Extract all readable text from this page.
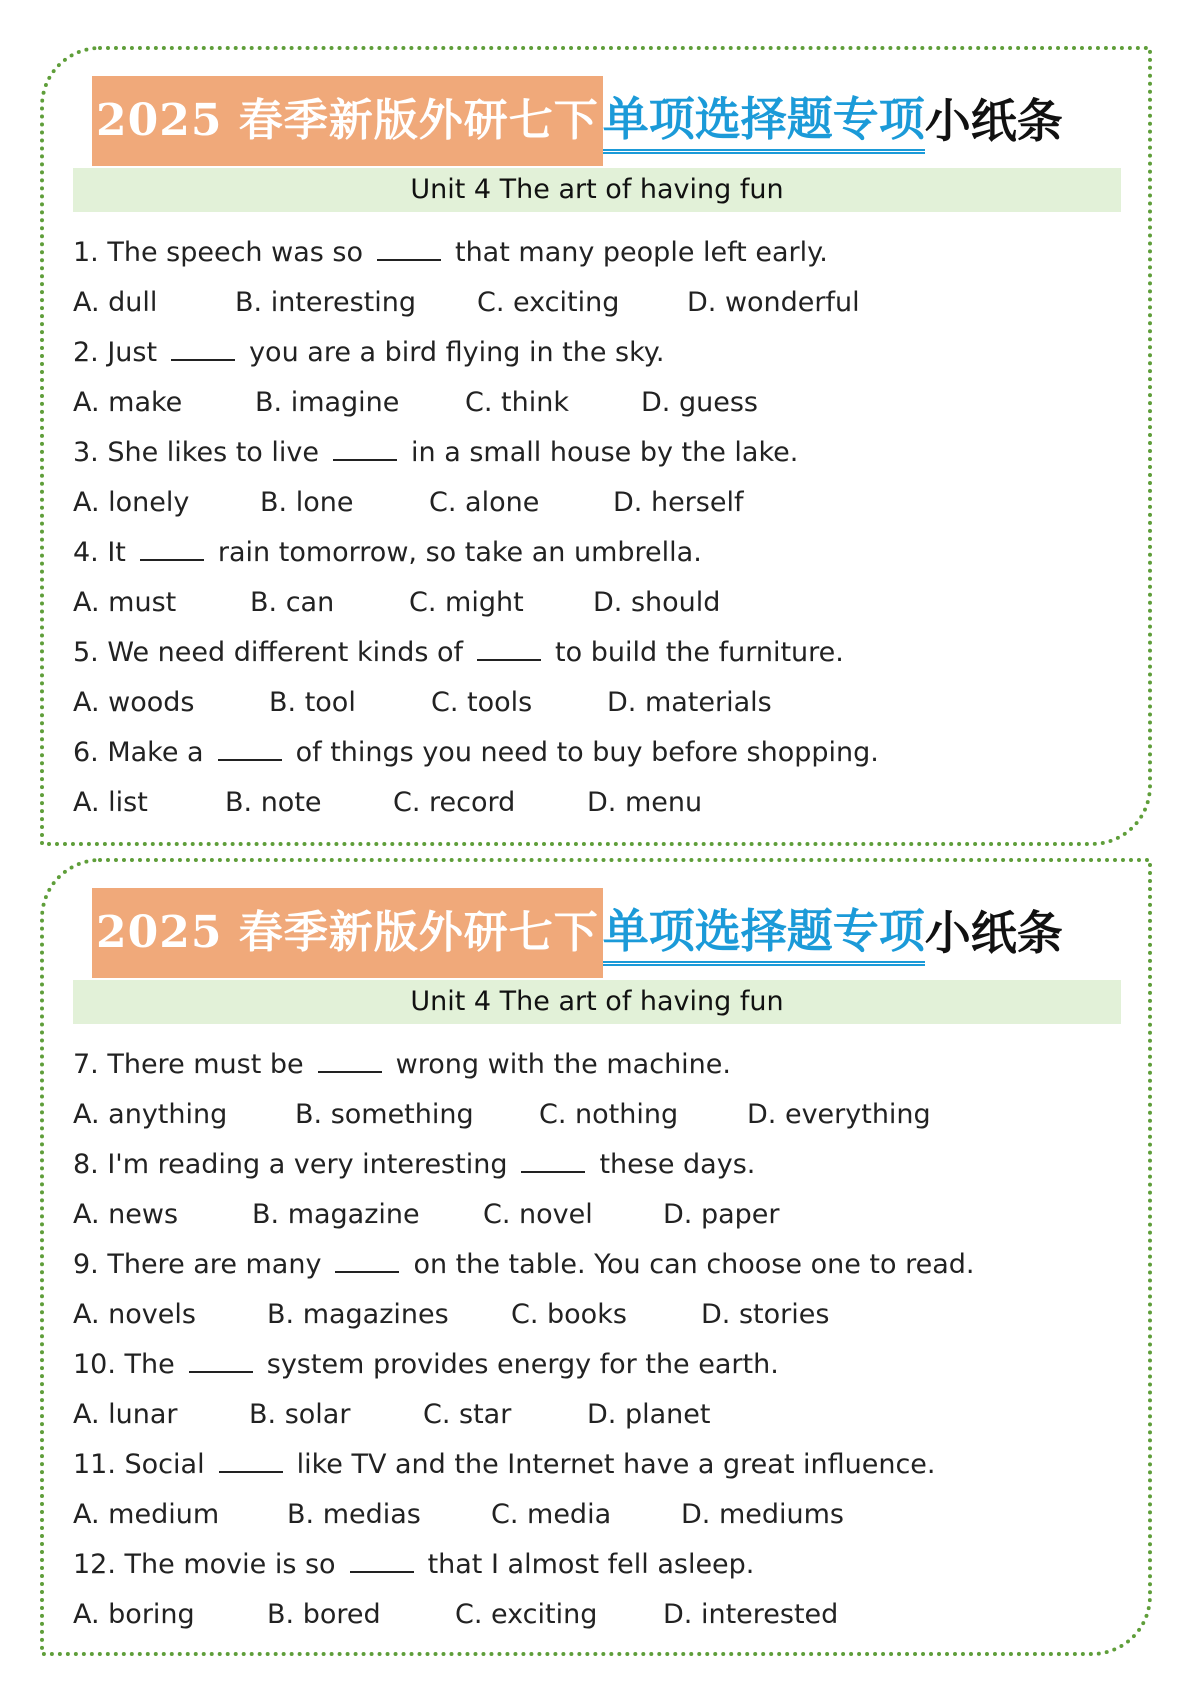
2025 春季新版外研七下 单项选择题专项 小纸条
Unit 4 The art of having fun
1. The speech was so	that many people left early.
A. dull	B. interesting C. exciting	D. wonderful
2. Just	you are a bird flying in the sky.
A. make	B. imagine C. think	D. guess
3. She likes to live	in a small house by the lake.
A. lonely	B. lone	C. alone	D. herself
4. It	rain tomorrow, so take an umbrella.
A. must	B. can	C. might	D. should
5. We need different kinds of	to build the furniture.
A. woods	B. tool	C. tools	D. materials
6. Make a	of things you need to buy before shopping.
A. list	B. note	C. record	D. menu
2025 春季新版外研七下 单项选择题专项 小纸条
Unit 4 The art of having fun
7. There must be	wrong with the machine.
A. anything	B. something C. nothing	D. everything
8. I'm reading a very interesting	these days.
A. news	B. magazine C. novel	D. paper
9. There are many	on the table. You can choose one to read.
A. novels	B. magazines C. books	D. stories
10. The	system provides energy for the earth.
A. lunar	B. solar	C. star	D. planet
11. Social	like TV and the Internet have a great influence.
A. medium	B. medias	C. media	D. mediums
12. The movie is so	that I almost fell asleep.
A. boring	B. bored	C. exciting D. interested
